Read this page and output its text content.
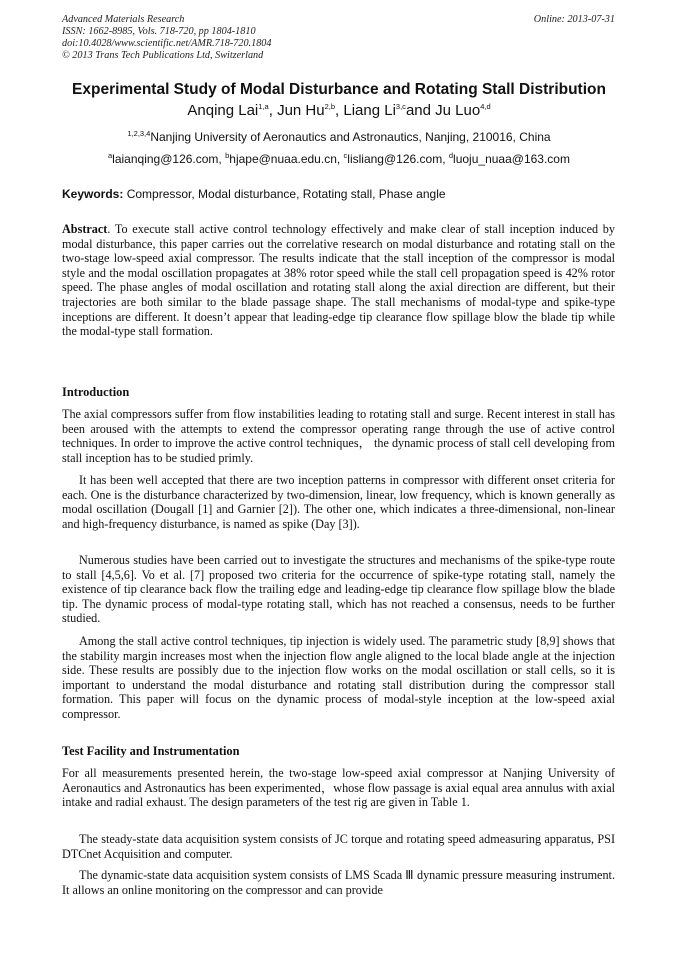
Advanced Materials Research
ISSN: 1662-8985, Vols. 718-720, pp 1804-1810
doi:10.4028/www.scientific.net/AMR.718-720.1804
© 2013 Trans Tech Publications Ltd, Switzerland
Online: 2013-07-31
Experimental Study of Modal Disturbance and Rotating Stall Distribution
Anqing Lai$^{1,a}$, Jun Hu$^{2,b}$, Liang Li$^{3,c}$and Ju Luo$^{4,d}$
$^{1,2,3,4}$Nanjing University of Aeronautics and Astronautics, Nanjing, 210016, China
$^a$laianqing@126.com, $^b$hjape@nuaa.edu.cn, $^c$lisliang@126.com, $^d$luoju_nuaa@163.com
Keywords: Compressor, Modal disturbance, Rotating stall, Phase angle

Abstract. To execute stall active control technology effectively and make clear of stall inception induced by modal disturbance, this paper carries out the correlative research on modal disturbance and rotating stall on the two-stage low-speed axial compressor. The results indicate that the stall inception of the compressor is modal style and the modal oscillation propagates at 38% rotor speed while the stall cell propagation speed is 42% rotor speed. The phase angles of modal oscillation and rotating stall along the axial direction are different, but their trajectories are both similar to the blade passage shape. The stall mechanisms of modal-type and spike-type inceptions are different. It doesn’t appear that leading-edge tip clearance flow spillage blow the blade tip while the modal-type stall formation.

Introduction

The axial compressors suffer from flow instabilities leading to rotating stall and surge. Recent interest in stall has been aroused with the attempts to extend the compressor operating range through the use of active control techniques. In order to improve the active control techniques， the dynamic process of stall cell developing from stall inception has to be studied primly.

It has been well accepted that there are two inception patterns in compressor with different onset criteria for each. One is the disturbance characterized by two-dimension, linear, low frequency, which is known generally as modal oscillation (Dougall [1] and Garnier [2]). The other one, which indicates a three-dimensional, non-linear and high-frequency disturbance, is named as spike (Day [3]).

Numerous studies have been carried out to investigate the structures and mechanisms of the spike-type route to stall [4,5,6]. Vo et al. [7] proposed two criteria for the occurrence of spike-type rotating stall, namely the existence of tip clearance back flow the trailing edge and leading-edge tip clearance flow spillage blow the blade tip. The dynamic process of modal-type rotating stall, which has not reached a consensus, needs to be further studied.

Among the stall active control techniques, tip injection is widely used. The parametric study [8,9] shows that the stability margin increases most when the injection flow angle aligned to the local blade angle at the injection side. These results are possibly due to the injection flow works on the modal oscillation or stall cells, so it is important to understand the modal disturbance and rotating stall distribution during the compressor stall formation. This paper will focus on the dynamic process of modal-style inception at the low-speed axial compressor.

Test Facility and Instrumentation

For all measurements presented herein, the two-stage low-speed axial compressor at Nanjing University of Aeronautics and Astronautics has been experimented，whose flow passage is axial equal area annulus with axial intake and radial exhaust. The design parameters of the test rig are given in Table 1.

The steady-state data acquisition system consists of JC torque and rotating speed admeasuring apparatus, PSI DTCnet Acquisition and computer.

The dynamic-state data acquisition system consists of LMS Scada Ⅲ dynamic pressure measuring instrument. It allows an online monitoring on the compressor and can provide
